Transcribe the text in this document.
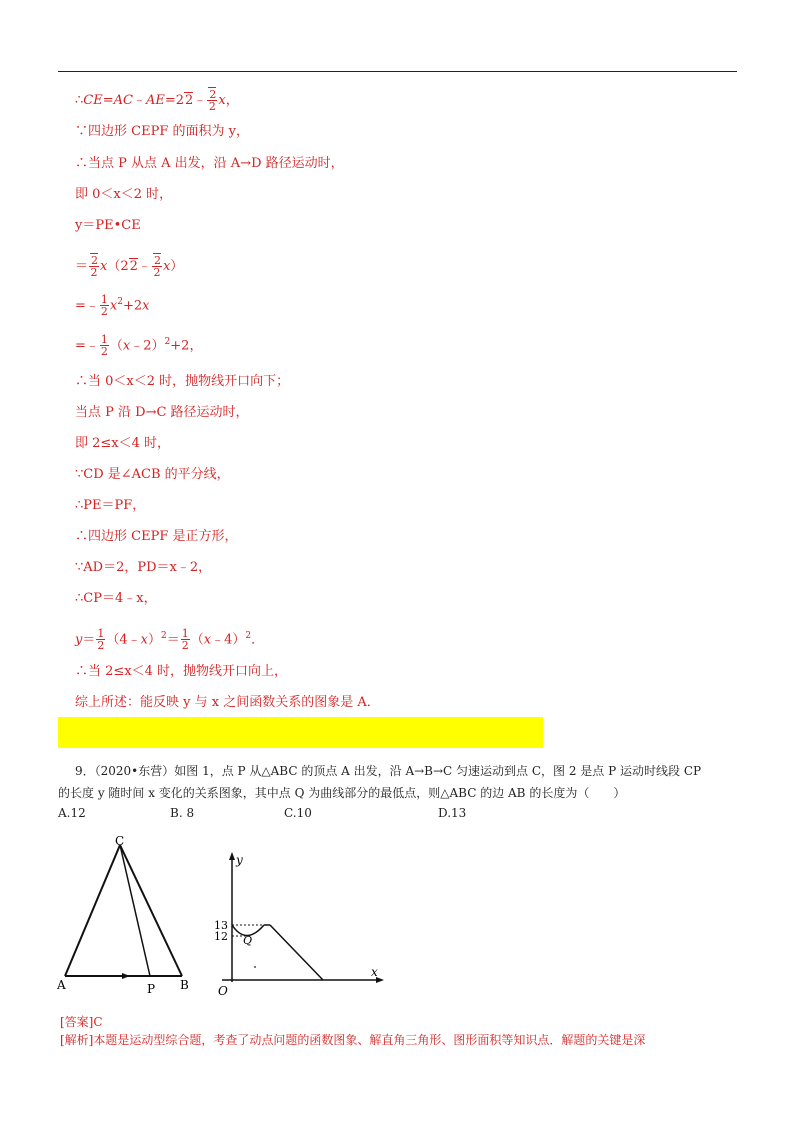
∴CE=AC﹣AE=22﹣ $\frac{2}{2}$ x，
∵四边形 CEPF 的面积为 y，
∴当点 P 从点 A 出发，沿 A→D 路径运动时，
即 0＜x＜2 时，
y＝PE•CE
＝ $\frac{2}{2}$ x（22﹣ $\frac{2}{2} x$）
=﹣ $\frac{1}{2} x^2+2x$
=﹣ $\frac{1}{2}$ （x﹣2）$^2$+2，
∴当 0＜x＜2 时，抛物线开口向下；
当点 P 沿 D→C 路径运动时，
即 2≤x＜4 时，
∵CD 是∠ACB 的平分线，
∴PE＝PF，
∴四边形 CEPF 是正方形，
∵AD＝2，PD＝x﹣2，
∴CP＝4﹣x，
$y= \frac{1}{2}$ （4﹣x）$^2$＝ $\frac{1}{2}$ （x﹣4）$^2$．
∴当 2≤x＜4 时，抛物线开口向上，
综上所述：能反映 y 与 x 之间函数关系的图象是 A．
9．（2020•东营）如图 1，点 P 从△ABC 的顶点 A 出发，沿 A→B→C 匀速运动到点 C，图 2 是点 P 运动时线段 CP
的长度 y 随时间 x 变化的关系图象，其中点 Q 为曲线部分的最低点，则△ABC 的边 AB 的长度为（　　）
A.12	B. 8	C.10	D.13
C
A	P B
y
x
O
Q
13
12
[答案]C
[解析]本题是运动型综合题，考查了动点问题的函数图象、解直角三角形、图形面积等知识点．解题的关键是深
